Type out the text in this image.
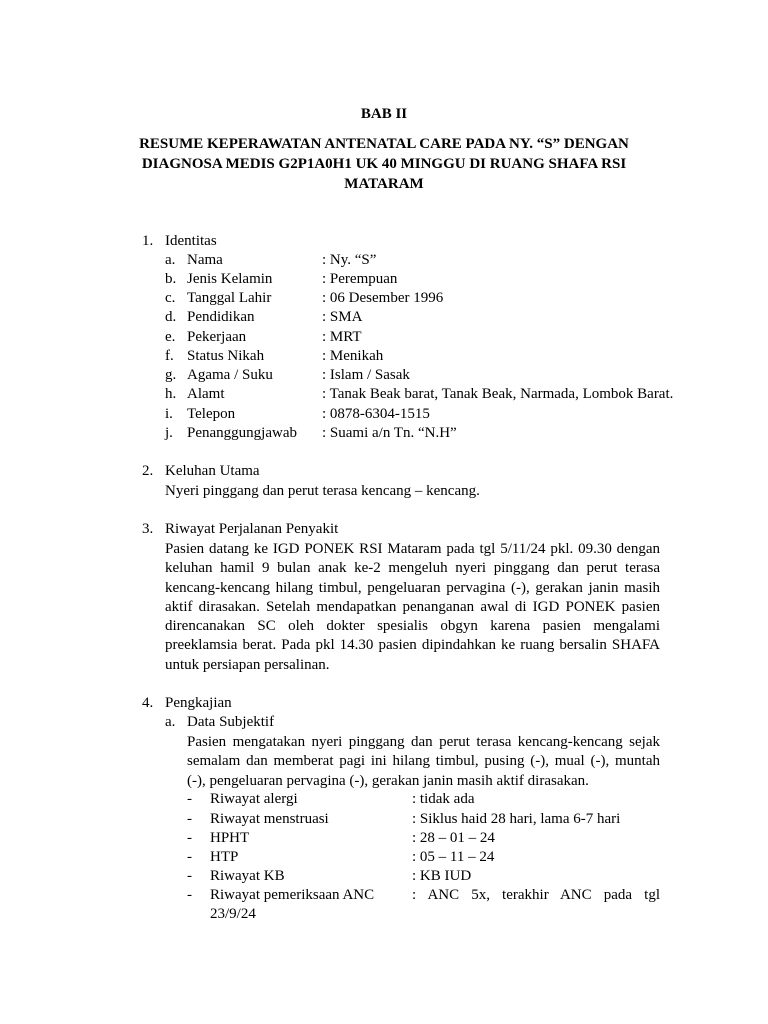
BAB II
RESUME KEPERAWATAN ANTENATAL CARE PADA NY. “S” DENGAN
DIAGNOSA MEDIS G2P1A0H1 UK 40 MINGGU DI RUANG SHAFA RSI
MATARAM
1. Identitas
a. Nama	: Ny. “S”
b. Jenis Kelamin	: Perempuan
c. Tanggal Lahir	: 06 Desember 1996
d. Pendidikan	: SMA
e. Pekerjaan	: MRT
f. Status Nikah	: Menikah
g. Agama / Suku	: Islam / Sasak
h. Alamt	: Tanak Beak barat, Tanak Beak, Narmada, Lombok Barat.
i. Telepon	: 0878-6304-1515
j. Penanggungjawab : Suami a/n Tn. “N.H”
2. Keluhan Utama
Nyeri pinggang dan perut terasa kencang – kencang.
3. Riwayat Perjalanan Penyakit
Pasien datang ke IGD PONEK RSI Mataram pada tgl 5/11/24 pkl. 09.30 dengan
keluhan hamil 9 bulan anak ke-2 mengeluh nyeri pinggang dan perut terasa
kencang-kencang hilang timbul, pengeluaran pervagina (-), gerakan janin masih
aktif dirasakan. Setelah mendapatkan penanganan awal di IGD PONEK pasien
direncanakan SC oleh dokter spesialis obgyn karena pasien mengalami
preeklamsia berat. Pada pkl 14.30 pasien dipindahkan ke ruang bersalin SHAFA
untuk persiapan persalinan.
4. Pengkajian
a. Data Subjektif
Pasien mengatakan nyeri pinggang dan perut terasa kencang-kencang sejak
semalam dan memberat pagi ini hilang timbul, pusing (-), mual (-), muntah
(-), pengeluaran pervagina (-), gerakan janin masih aktif dirasakan.
- Riwayat alergi	: tidak ada
- Riwayat menstruasi	: Siklus haid 28 hari, lama 6-7 hari
- HPHT	: 28 – 01 – 24
- HTP	: 05 – 11 – 24
- Riwayat KB	: KB IUD
- Riwayat pemeriksaan ANC	: ANC 5x, terakhir ANC pada tgl
23/9/24
